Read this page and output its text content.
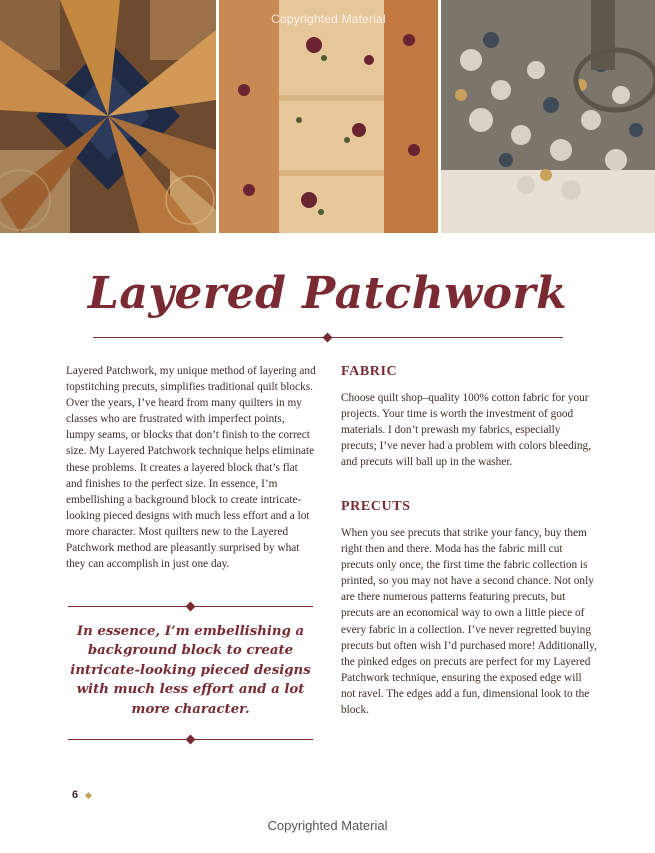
Copyrighted Material
Layered Patchwork
Layered Patchwork, my unique method of layering and topstitching precuts, simplifies traditional quilt blocks. Over the years, I’ve heard from many quilters in my classes who are frustrated with imperfect points, lumpy seams, or blocks that don’t finish to the correct size. My Layered Patchwork technique helps eliminate these problems. It creates a layered block that’s flat and finishes to the perfect size. In essence, I’m embellishing a background block to create intricate-looking pieced designs with much less effort and a lot more character. Most quilters new to the Layered Patchwork method are pleasantly surprised by what they can accomplish in just one day.
In essence, I’m embellishing a background block to create intricate-looking pieced designs with much less effort and a lot more character.
FABRIC
Choose quilt shop–quality 100% cotton fabric for your projects. Your time is worth the investment of good materials. I don’t prewash my fabrics, especially precuts; I’ve never had a problem with colors bleeding, and precuts will ball up in the washer.
PRECUTS
When you see precuts that strike your fancy, buy them right then and there. Moda has the fabric mill cut precuts only once, the first time the fabric collection is printed, so you may not have a second chance. Not only are there numerous patterns featuring precuts, but precuts are an economical way to own a little piece of every fabric in a collection. I’ve never regretted buying precuts but often wish I’d purchased more! Additionally, the pinked edges on precuts are perfect for my Layered Patchwork technique, ensuring the exposed edge will not ravel. The edges add a fun, dimensional look to the block.
6
Copyrighted Material
